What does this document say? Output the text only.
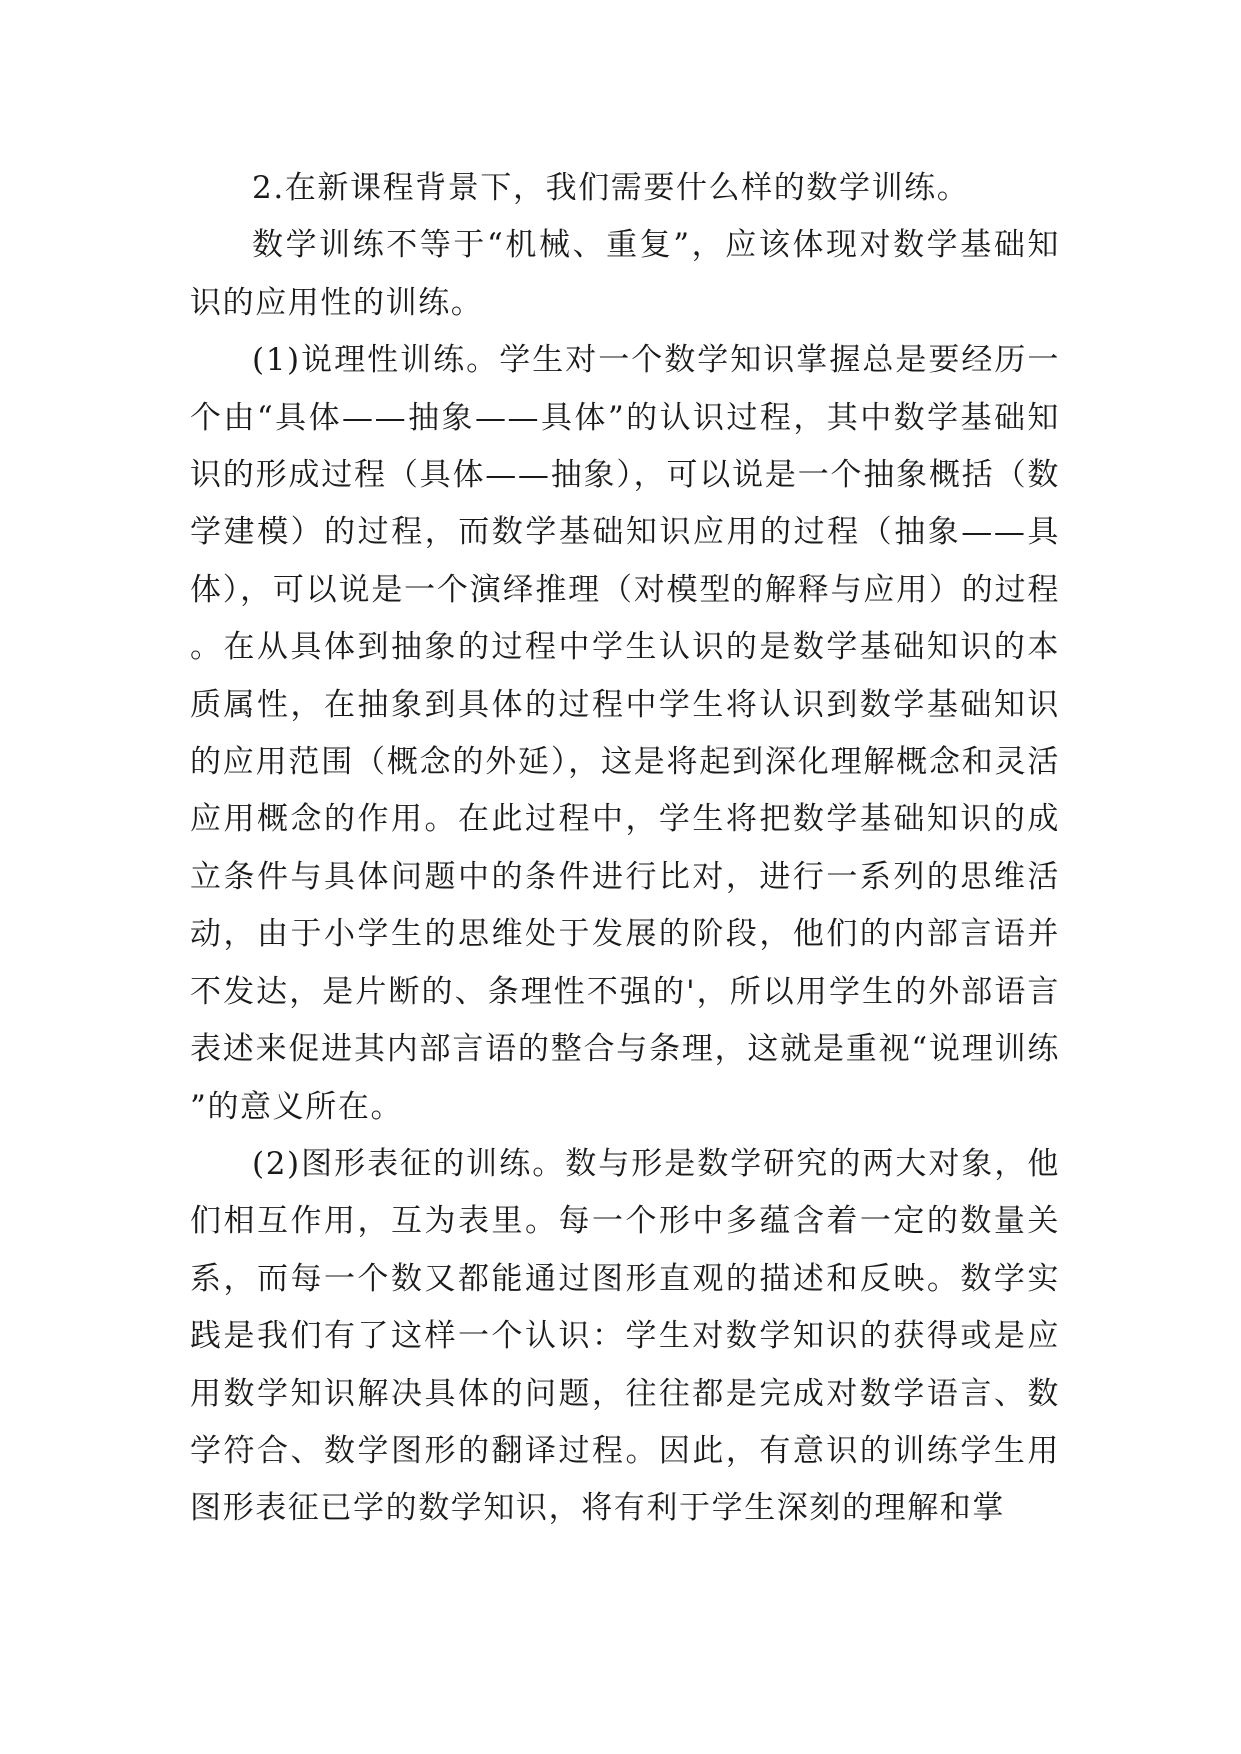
2.在新课程背景下，我们需要什么样的数学训练。

数学训练不等于“机械、重复”，应该体现对数学基础知识的应用性的训练。

(1)说理性训练。学生对一个数学知识掌握总是要经历一个由“具体——抽象——具体”的认识过程，其中数学基础知识的形成过程（具体——抽象），可以说是一个抽象概括（数学建模）的过程，而数学基础知识应用的过程（抽象——具体），可以说是一个演绎推理（对模型的解释与应用）的过程。在从具体到抽象的过程中学生认识的是数学基础知识的本质属性，在抽象到具体的过程中学生将认识到数学基础知识的应用范围（概念的外延），这是将起到深化理解概念和灵活应用概念的作用。在此过程中，学生将把数学基础知识的成立条件与具体问题中的条件进行比对，进行一系列的思维活动，由于小学生的思维处于发展的阶段，他们的内部言语并不发达，是片断的、条理性不强的'，所以用学生的外部语言表述来促进其内部言语的整合与条理，这就是重视“说理训练”的意义所在。

(2)图形表征的训练。数与形是数学研究的两大对象，他们相互作用，互为表里。每一个形中多蕴含着一定的数量关系，而每一个数又都能通过图形直观的描述和反映。数学实践是我们有了这样一个认识：学生对数学知识的获得或是应用数学知识解决具体的问题，往往都是完成对数学语言、数学符合、数学图形的翻译过程。因此，有意识的训练学生用图形表征已学的数学知识，将有利于学生深刻的理解和掌
